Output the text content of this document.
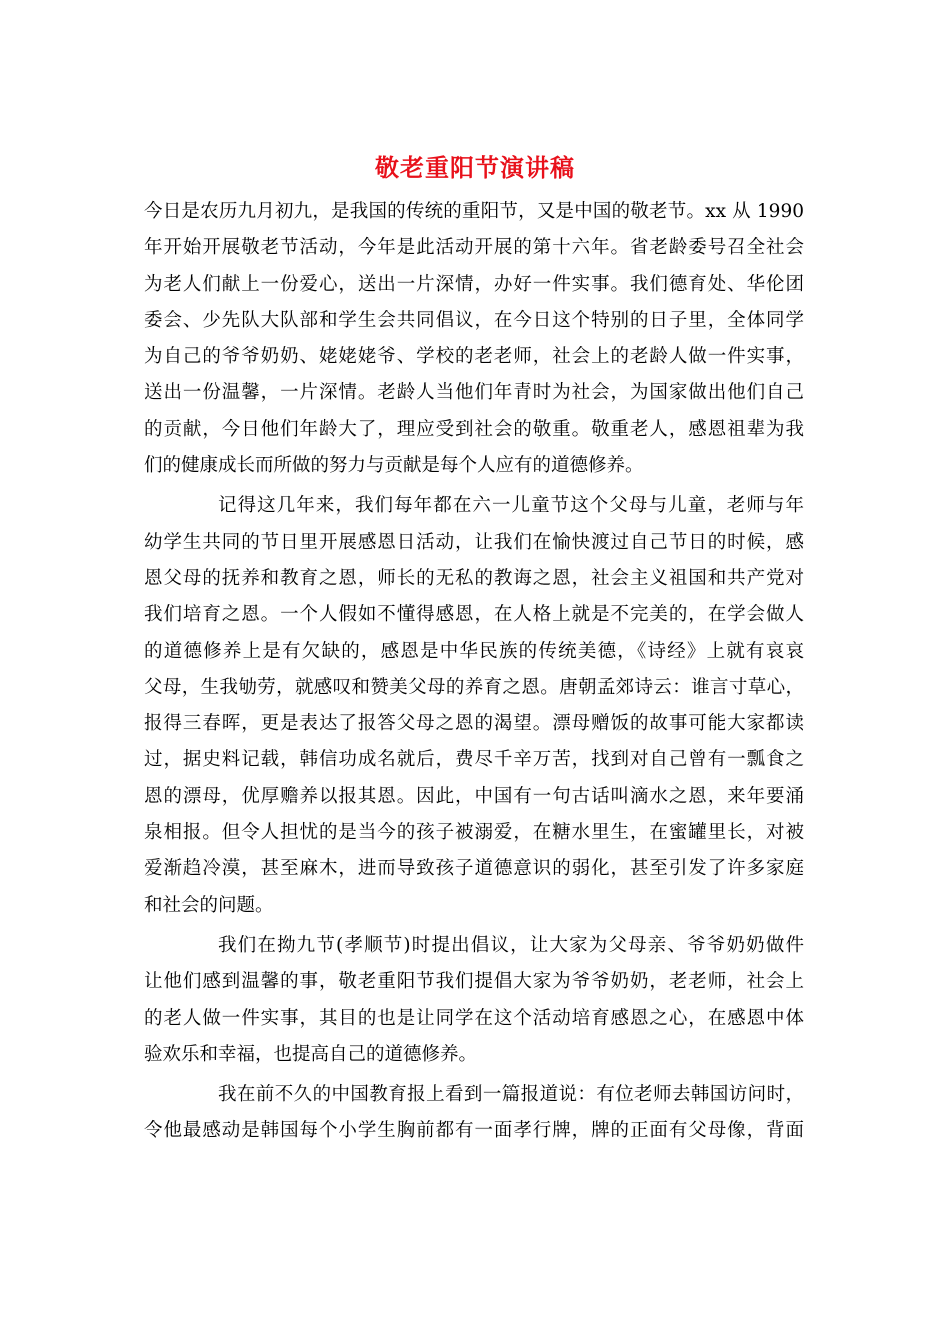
敬老重阳节演讲稿
今日是农历九月初九，是我国的传统的重阳节，又是中国的敬老节。xx 从 1990
年开始开展敬老节活动，今年是此活动开展的第十六年。省老龄委号召全社会
为老人们献上一份爱心，送出一片深情，办好一件实事。我们德育处、华伦团
委会、少先队大队部和学生会共同倡议，在今日这个特别的日子里，全体同学
为自己的爷爷奶奶、姥姥姥爷、学校的老老师，社会上的老龄人做一件实事，
送出一份温馨，一片深情。老龄人当他们年青时为社会，为国家做出他们自己
的贡献，今日他们年龄大了，理应受到社会的敬重。敬重老人，感恩祖辈为我
们的健康成长而所做的努力与贡献是每个人应有的道德修养。
记得这几年来，我们每年都在六一儿童节这个父母与儿童，老师与年
幼学生共同的节日里开展感恩日活动，让我们在愉快渡过自己节日的时候，感
恩父母的抚养和教育之恩，师长的无私的教诲之恩，社会主义祖国和共产党对
我们培育之恩。一个人假如不懂得感恩，在人格上就是不完美的，在学会做人
的道德修养上是有欠缺的，感恩是中华民族的传统美德，《诗经》上就有哀哀
父母，生我劬劳，就感叹和赞美父母的养育之恩。唐朝孟郊诗云：谁言寸草心，
报得三春晖，更是表达了报答父母之恩的渴望。漂母赠饭的故事可能大家都读
过，据史料记载，韩信功成名就后，费尽千辛万苦，找到对自己曾有一瓢食之
恩的漂母，优厚赡养以报其恩。因此，中国有一句古话叫滴水之恩，来年要涌
泉相报。但令人担忧的是当今的孩子被溺爱，在糖水里生，在蜜罐里长，对被
爱渐趋冷漠，甚至麻木，进而导致孩子道德意识的弱化，甚至引发了许多家庭
和社会的问题。
我们在拗九节(孝顺节)时提出倡议，让大家为父母亲、爷爷奶奶做件
让他们感到温馨的事，敬老重阳节我们提倡大家为爷爷奶奶，老老师，社会上
的老人做一件实事，其目的也是让同学在这个活动培育感恩之心，在感恩中体
验欢乐和幸福，也提高自己的道德修养。
我在前不久的中国教育报上看到一篇报道说：有位老师去韩国访问时，
令他最感动是韩国每个小学生胸前都有一面孝行牌，牌的正面有父母像，背面
